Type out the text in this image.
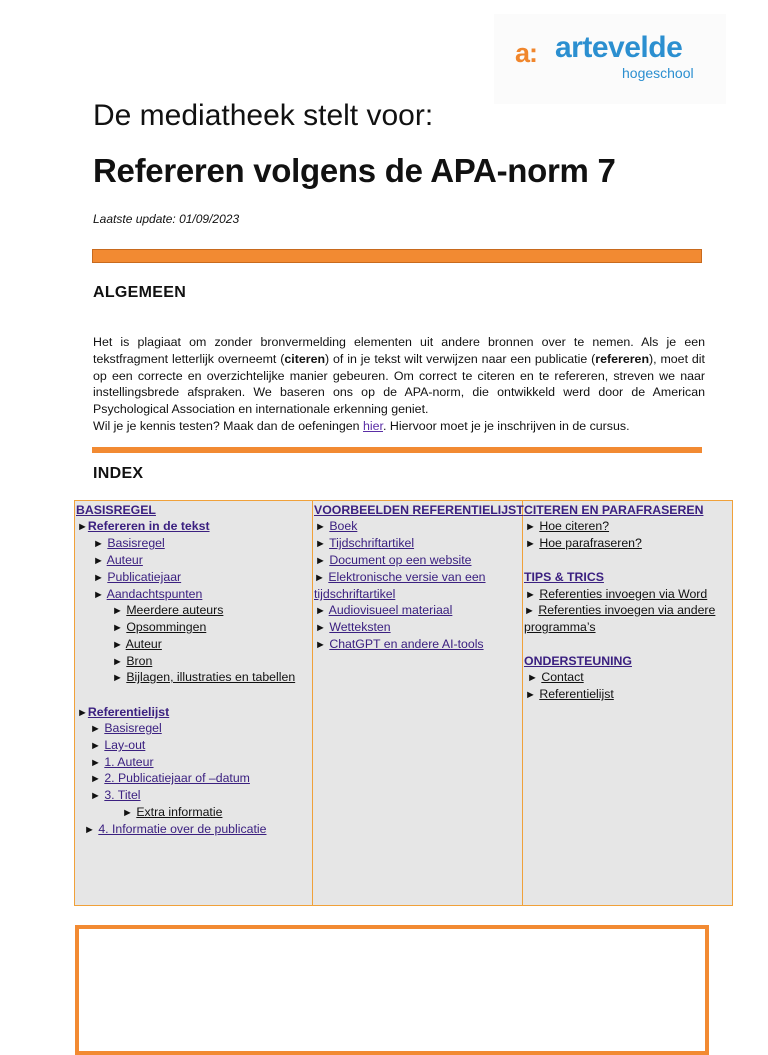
a: artevelde
hogeschool
De mediatheek stelt voor:
Refereren volgens de APA-norm 7
Laatste update: 01/09/2023
ALGEMEEN
Het is plagiaat om zonder bronvermelding elementen uit andere bronnen over te nemen. Als je een tekstfragment letterlijk overneemt (citeren) of in je tekst wilt verwijzen naar een publicatie (refereren), moet dit op een correcte en overzichtelijke manier gebeuren. Om correct te citeren en te refereren, streven we naar instellingsbrede afspraken. We baseren ons op de APA-norm, die ontwikkeld werd door de American Psychological Association en internationale erkenning geniet.
Wil je je kennis testen? Maak dan de oefeningen hier. Hiervoor moet je je inschrijven in de cursus.
INDEX
BASISREGEL
►Refereren in de tekst
► Basisregel
► Auteur
► Publicatiejaar
► Aandachtspunten
► Meerdere auteurs
► Opsommingen
► Auteur
► Bron
► Bijlagen, illustraties en tabellen
►Referentielijst
► Basisregel
► Lay-out
► 1. Auteur
► 2. Publicatiejaar of –datum
► 3. Titel
► Extra informatie
► 4. Informatie over de publicatie
VOORBEELDEN REFERENTIELIJST
► Boek
► Tijdschriftartikel
► Document op een website
► Elektronische versie van een tijdschriftartikel
► Audiovisueel materiaal
► Wetteksten
► ChatGPT en andere AI-tools
CITEREN EN PARAFRASEREN
► Hoe citeren?
► Hoe parafraseren?
TIPS & TRICS
► Referenties invoegen via Word
► Referenties invoegen via andere programma’s
ONDERSTEUNING
► Contact
► Referentielijst
